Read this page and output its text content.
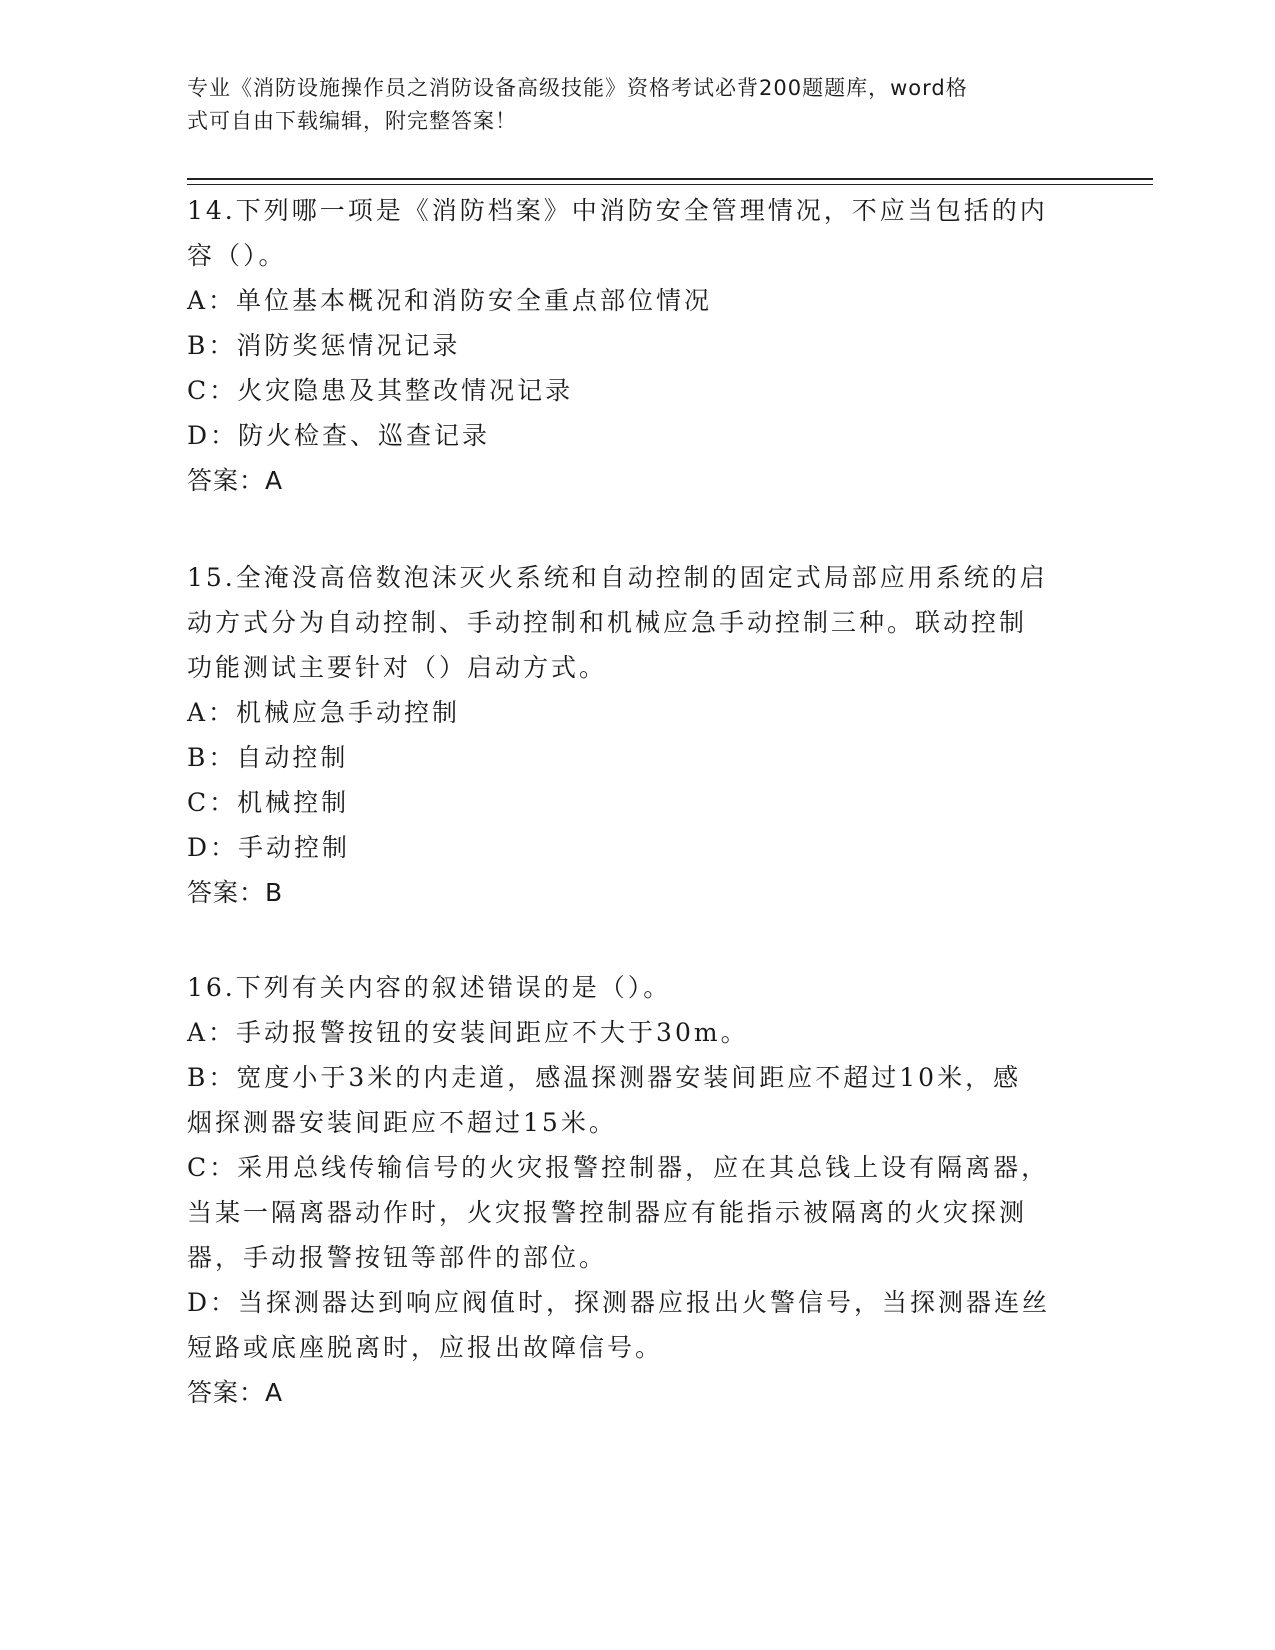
专业《消防设施操作员之消防设备高级技能》资格考试必背200题题库，word格

式可自由下载编辑，附完整答案！

14.下列哪一项是《消防档案》中消防安全管理情况，不应当包括的内

容（）。

A：单位基本概况和消防安全重点部位情况

B：消防奖惩情况记录

C：火灾隐患及其整改情况记录

D：防火检查、巡查记录

答案：A

15.全淹没高倍数泡沫灭火系统和自动控制的固定式局部应用系统的启

动方式分为自动控制、手动控制和机械应急手动控制三种。联动控制

功能测试主要针对（）启动方式。

A：机械应急手动控制

B：自动控制

C：机械控制

D：手动控制

答案：B

16.下列有关内容的叙述错误的是（）。

A：手动报警按钮的安装间距应不大于30m。

B：宽度小于3米的内走道，感温探测器安装间距应不超过10米，感

烟探测器安装间距应不超过15米。

C：采用总线传输信号的火灾报警控制器，应在其总钱上设有隔离器，

当某一隔离器动作时，火灾报警控制器应有能指示被隔离的火灾探测

器，手动报警按钮等部件的部位。

D：当探测器达到响应阀值时，探测器应报出火警信号，当探测器连丝

短路或底座脱离时，应报出故障信号。

答案：A
